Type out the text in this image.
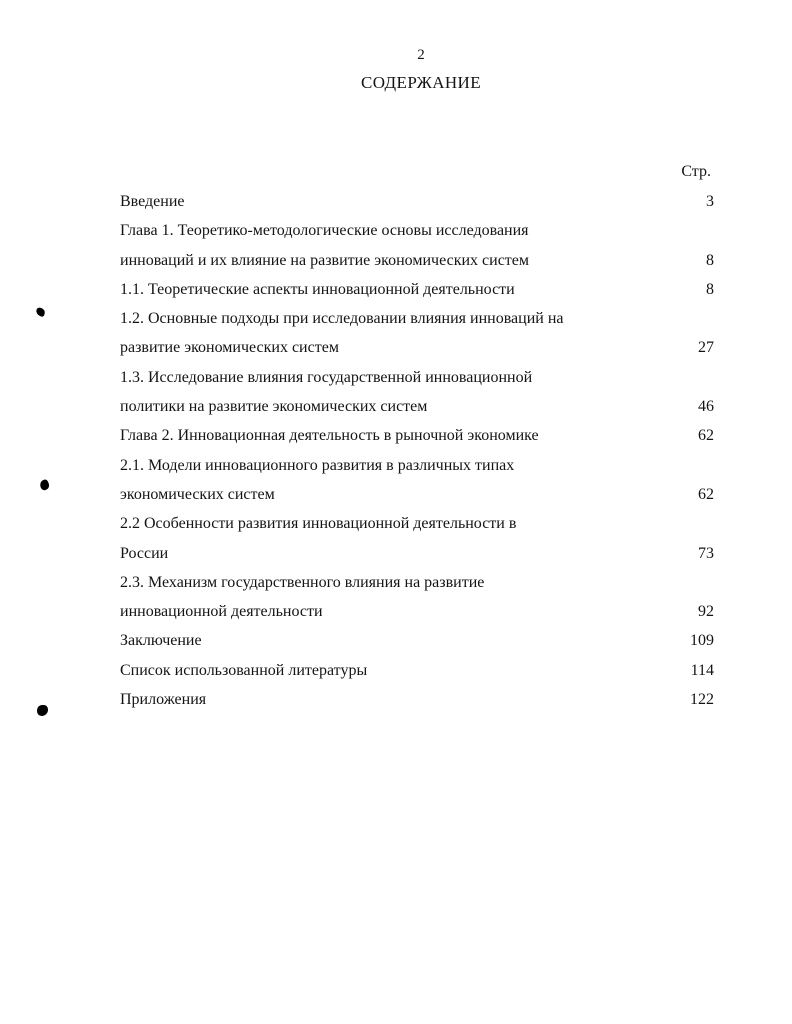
2
СОДЕРЖАНИЕ
Стр.
Введение	3
Глава 1. Теоретико-методологические основы исследования
инноваций и их влияние на развитие экономических систем	8
1.1. Теоретические аспекты инновационной деятельности	8
1.2. Основные подходы при исследовании влияния инноваций на
развитие экономических систем	27
1.3. Исследование влияния государственной инновационной
политики на развитие экономических систем	46
Глава 2. Инновационная деятельность в рыночной экономике	62
2.1. Модели инновационного развития в различных типах
экономических систем	62
2.2 Особенности развития инновационной деятельности в
России	73
2.3. Механизм государственного влияния на развитие
инновационной деятельности	92
Заключение	109
Список использованной литературы	114
Приложения	122
